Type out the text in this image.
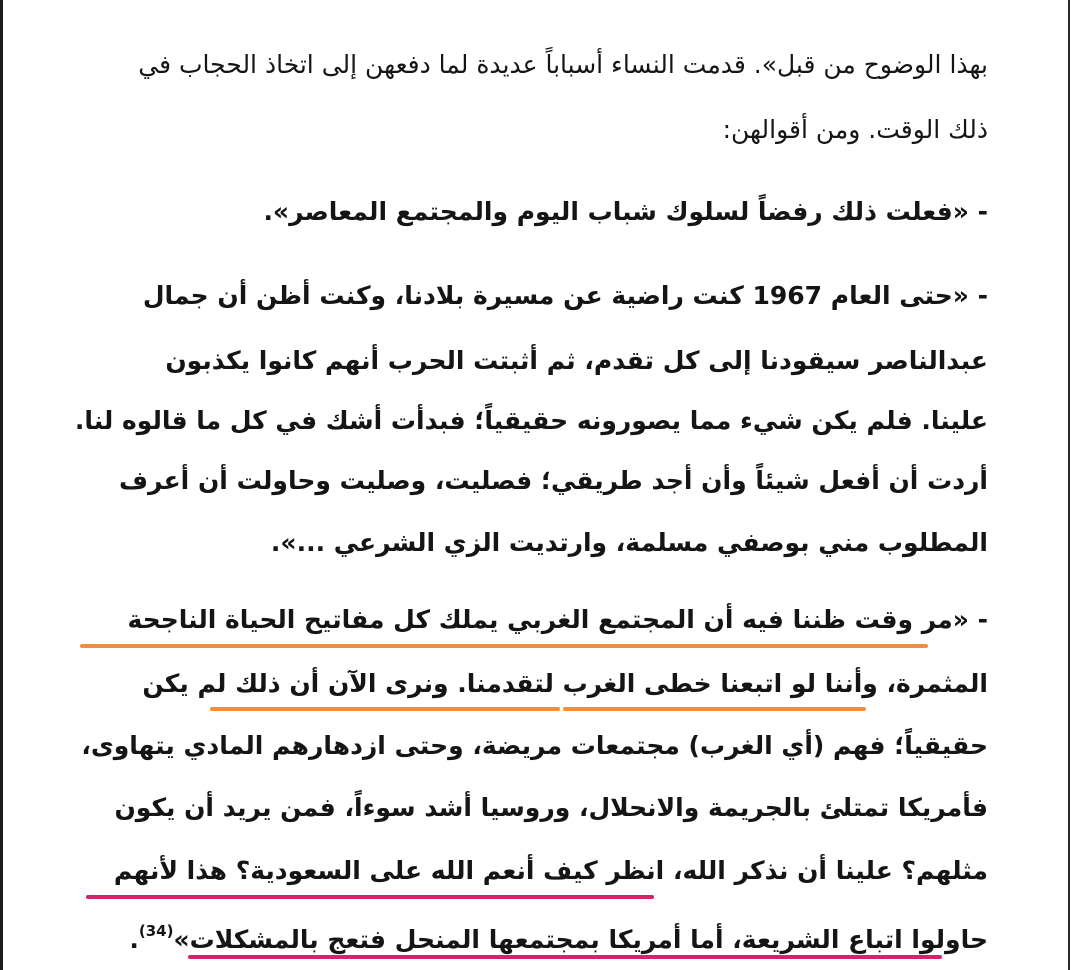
بهذا الوضوح من قبل». قدمت النساء أسباباً عديدة لما دفعهن إلى اتخاذ الحجاب في
ذلك الوقت. ومن أقوالهن:
- «فعلت ذلك رفضاً لسلوك شباب اليوم والمجتمع المعاصر».
- «حتى العام 1967 كنت راضية عن مسيرة بلادنا، وكنت أظن أن جمال
عبدالناصر سيقودنا إلى كل تقدم، ثم أثبتت الحرب أنهم كانوا يكذبون
علينا. فلم يكن شيء مما يصورونه حقيقياً؛ فبدأت أشك في كل ما قالوه لنا.
أردت أن أفعل شيئاً وأن أجد طريقي؛ فصليت، وصليت وحاولت أن أعرف
المطلوب مني بوصفي مسلمة، وارتديت الزي الشرعي ...».
- «مر وقت ظننا فيه أن المجتمع الغربي يملك كل مفاتيح الحياة الناجحة
المثمرة، وأننا لو اتبعنا خطى الغرب لتقدمنا. ونرى الآن أن ذلك لم يكن
حقيقياً؛ فهم (أي الغرب) مجتمعات مريضة، وحتى ازدهارهم المادي يتهاوى،
فأمريكا تمتلئ بالجريمة والانحلال، وروسيا أشد سوءاً، فمن يريد أن يكون
مثلهم؟ علينا أن نذكر الله، انظر كيف أنعم الله على السعودية؟ هذا لأنهم
حاولوا اتباع الشريعة، أما أمريكا بمجتمعها المنحل فتعج بالمشكلات»$^{(34)}$.
